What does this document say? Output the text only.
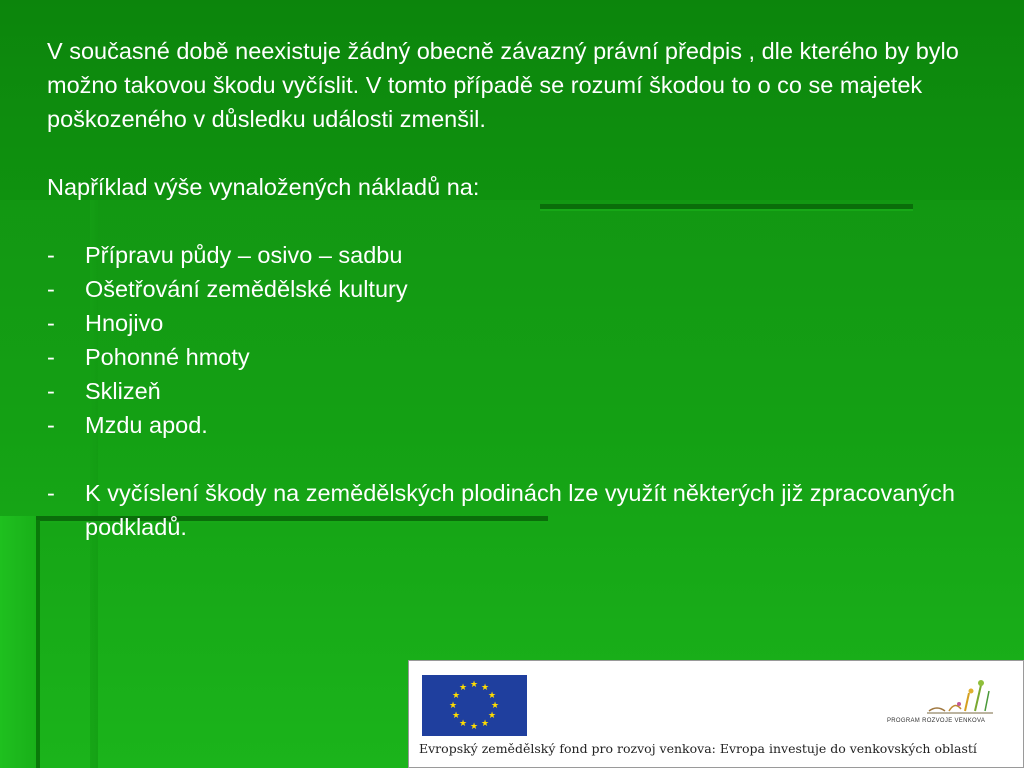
V současné době neexistuje žádný obecně závazný právní předpis , dle kterého by bylo možno takovou škodu vyčíslit. V tomto případě se rozumí škodou to o co se majetek poškozeného v důsledku události zmenšil.

Například výše vynaložených nákladů na:

- Přípravu půdy – osivo – sadbu
- Ošetřování zemědělské kultury
- Hnojivo
- Pohonné hmoty
- Sklizeň
- Mzdu apod.
- K vyčíslení škody na zemědělských plodinách lze využít některých již zpracovaných podkladů.
★ ★
★
★
★
★
★
★
★
★
★
★
PROGRAM ROZVOJE VENKOVA
Evropský zemědělský fond pro rozvoj venkova: Evropa investuje do venkovských oblastí
